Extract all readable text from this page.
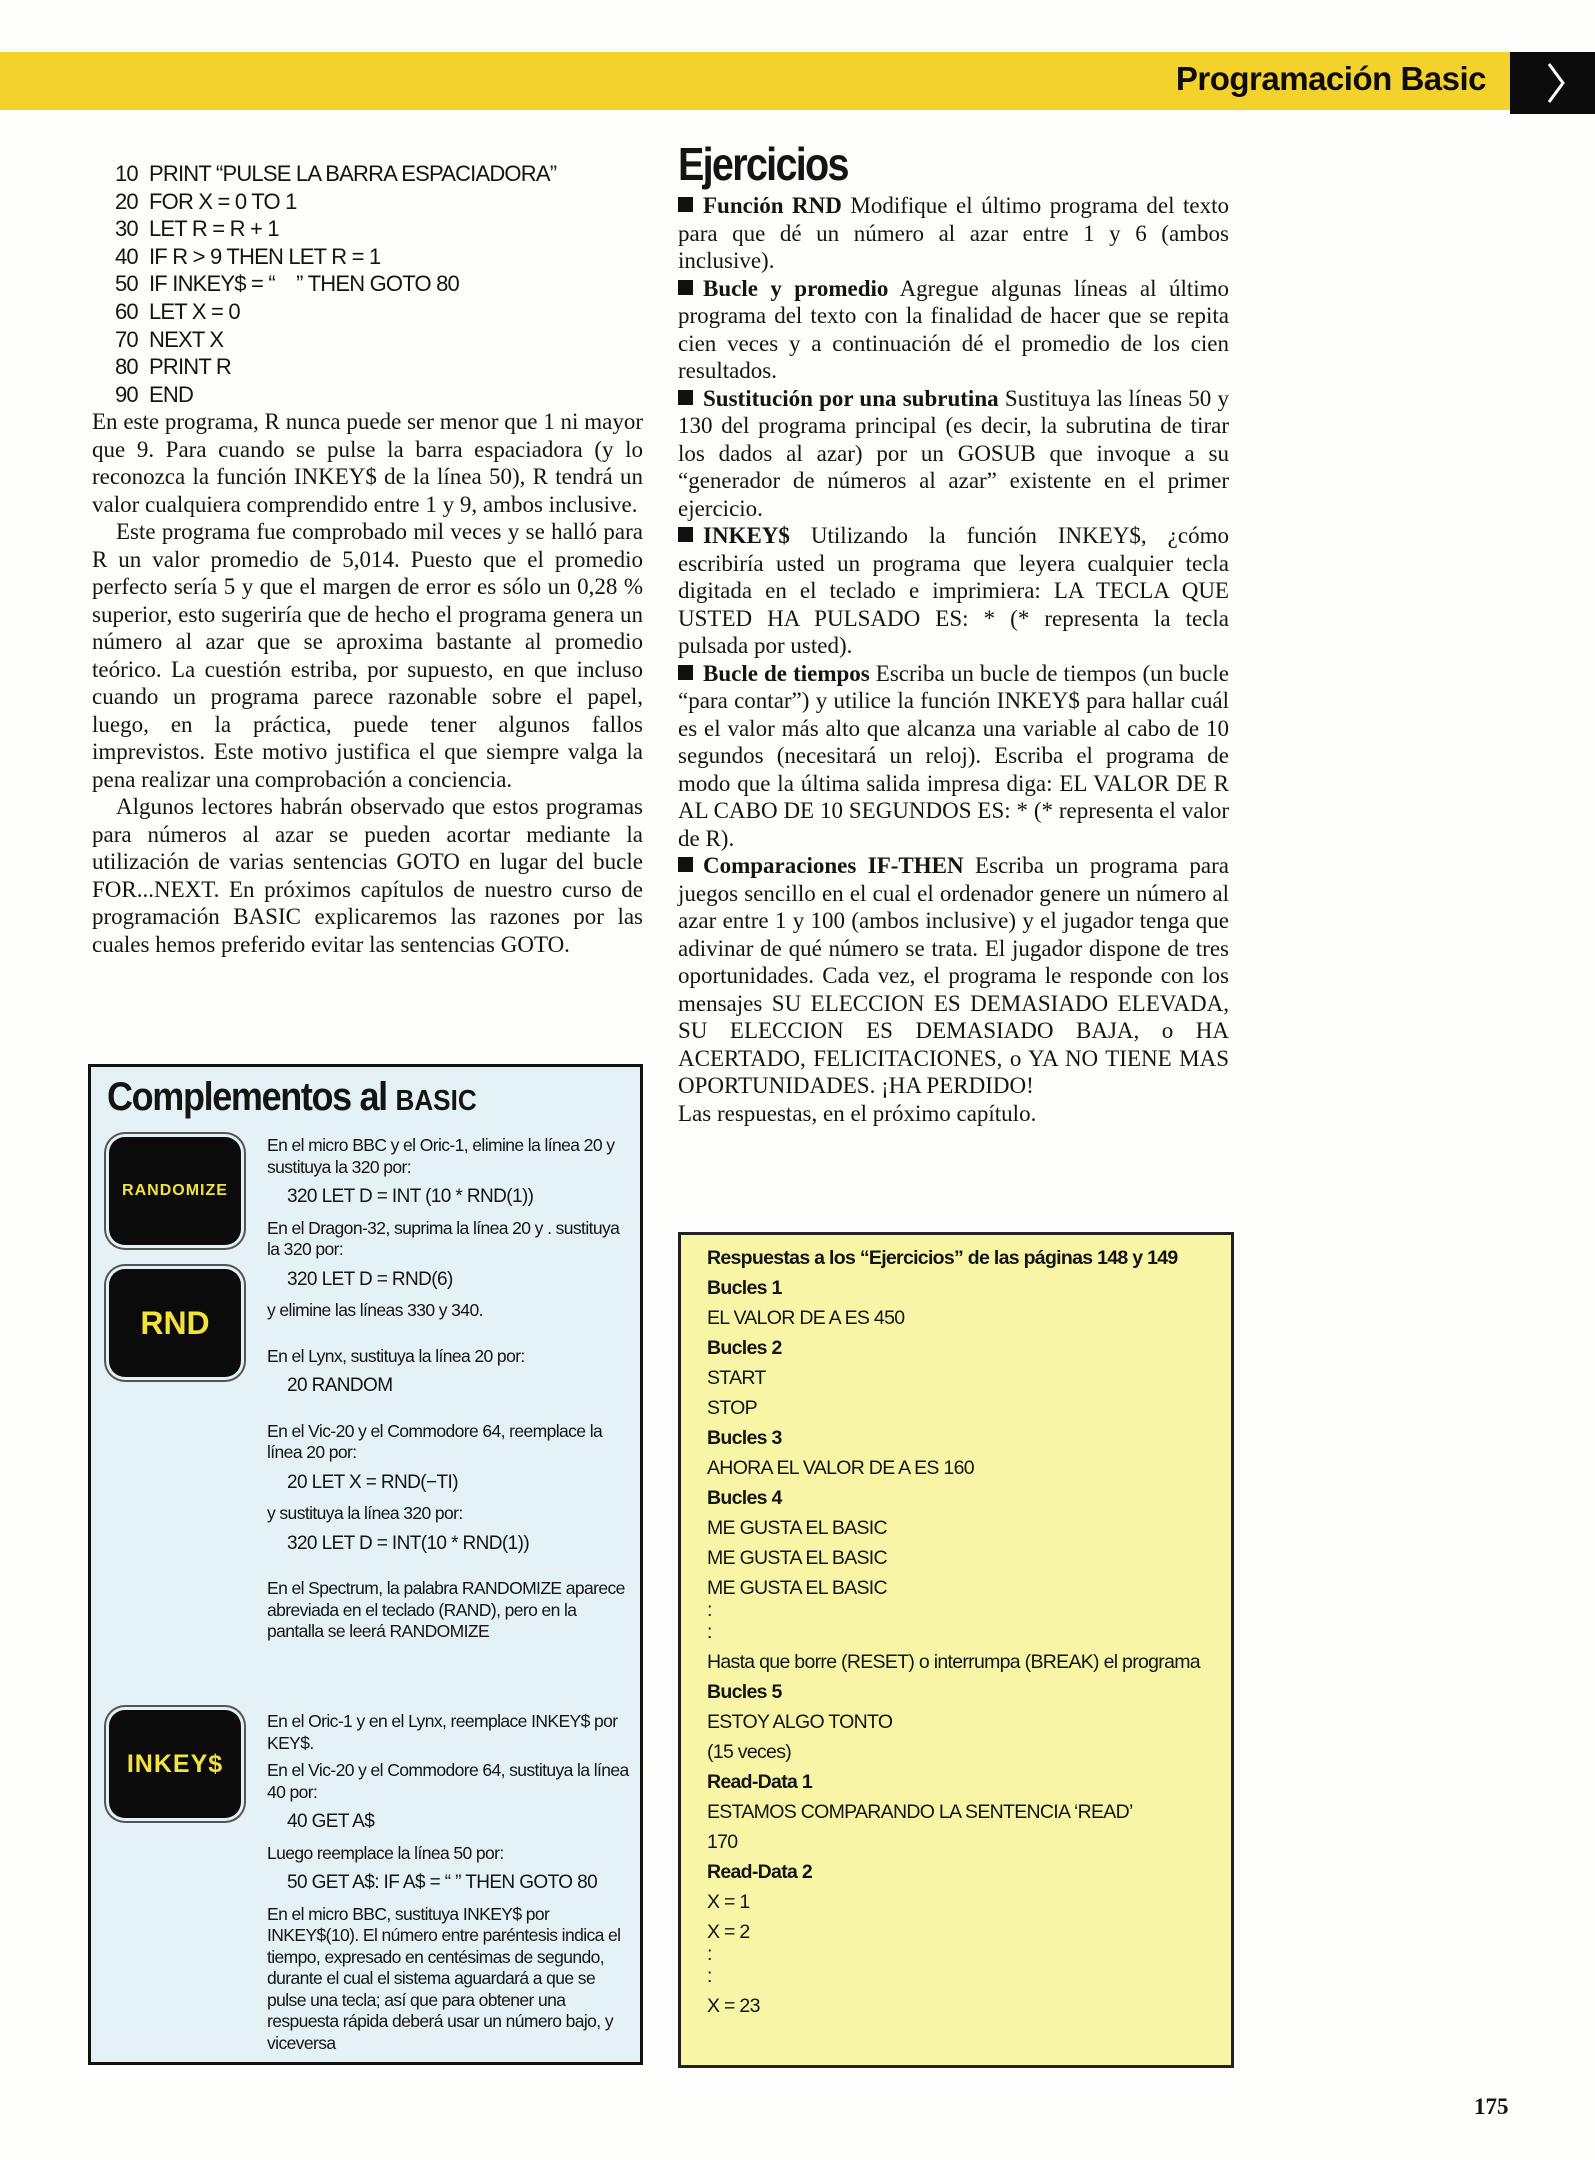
Programación Basic
10 PRINT “PULSE LA BARRA ESPACIADORA”
20 FOR X = 0 TO 1
30 LET R = R + 1
40 IF R > 9 THEN LET R = 1
50 IF INKEY$ = “    ” THEN GOTO 80
60 LET X = 0
70 NEXT X
80 PRINT R
90 END

En este programa, R nunca puede ser menor que 1 ni mayor que 9. Para cuando se pulse la barra espaciadora (y lo reconozca la función INKEY$ de la línea 50), R tendrá un valor cualquiera comprendido entre 1 y 9, ambos inclusive.

Este programa fue comprobado mil veces y se halló para R un valor promedio de 5,014. Puesto que el promedio perfecto sería 5 y que el margen de error es sólo un 0,28 % superior, esto sugeriría que de hecho el programa genera un número al azar que se aproxima bastante al promedio teórico. La cuestión estriba, por supuesto, en que incluso cuando un programa parece razonable sobre el papel, luego, en la práctica, puede tener algunos fallos imprevistos. Este motivo justifica el que siempre valga la pena realizar una comprobación a conciencia.

Algunos lectores habrán observado que estos programas para números al azar se pueden acortar mediante la utilización de varias sentencias GOTO en lugar del bucle FOR...NEXT. En próximos capítulos de nuestro curso de programación BASIC explicaremos las razones por las cuales hemos preferido evitar las sentencias GOTO.

Complementos al BASIC
RANDOMIZE
RND
INKEY$
En el micro BBC y el Oric-1, elimine la línea 20 y sustituya la 320 por:
320 LET D = INT (10 * RND(1))
En el Dragon-32, suprima la línea 20 y . sustituya la 320 por:
320 LET D = RND(6)
y elimine las líneas 330 y 340.
En el Lynx, sustituya la línea 20 por:
20 RANDOM
En el Vic-20 y el Commodore 64, reemplace la línea 20 por:
20 LET X = RND(−TI)
y sustituya la línea 320 por:
320 LET D = INT(10 * RND(1))
En el Spectrum, la palabra RANDOMIZE aparece abreviada en el teclado (RAND), pero en la pantalla se leerá RANDOMIZE
En el Oric-1 y en el Lynx, reemplace INKEY$ por KEY$.
En el Vic-20 y el Commodore 64, sustituya la línea 40 por:
40 GET A$
Luego reemplace la línea 50 por:
50 GET A$: IF A$ = “ ” THEN GOTO 80
En el micro BBC, sustituya INKEY$ por INKEY$(10). El número entre paréntesis indica el tiempo, expresado en centésimas de segundo, durante el cual el sistema aguardará a que se pulse una tecla; así que para obtener una respuesta rápida deberá usar un número bajo, y viceversa
Ejercicios

Función RND Modifique el último programa del texto para que dé un número al azar entre 1 y 6 (ambos inclusive).

Bucle y promedio Agregue algunas líneas al último programa del texto con la finalidad de hacer que se repita cien veces y a continuación dé el promedio de los cien resultados.

Sustitución por una subrutina Sustituya las líneas 50 y 130 del programa principal (es decir, la subrutina de tirar los dados al azar) por un GOSUB que invoque a su “generador de números al azar” existente en el primer ejercicio.

INKEY$ Utilizando la función INKEY$, ¿cómo escribiría usted un programa que leyera cualquier tecla digitada en el teclado e imprimiera: LA TECLA QUE USTED HA PULSADO ES: * (* representa la tecla pulsada por usted).

Bucle de tiempos Escriba un bucle de tiempos (un bucle “para contar”) y utilice la función INKEY$ para hallar cuál es el valor más alto que alcanza una variable al cabo de 10 segundos (necesitará un reloj). Escriba el programa de modo que la última salida impresa diga: EL VALOR DE R AL CABO DE 10 SEGUNDOS ES: * (* representa el valor de R).

Comparaciones IF-THEN Escriba un programa para juegos sencillo en el cual el ordenador genere un número al azar entre 1 y 100 (ambos inclusive) y el jugador tenga que adivinar de qué número se trata. El jugador dispone de tres oportunidades. Cada vez, el programa le responde con los mensajes SU ELECCION ES DEMASIADO ELEVADA, SU ELECCION ES DEMASIADO BAJA, o HA ACERTADO, FELICITACIONES, o YA NO TIENE MAS OPORTUNIDADES. ¡HA PERDIDO!

Las respuestas, en el próximo capítulo.

Respuestas a los “Ejercicios” de las páginas 148 y 149
Bucles 1
EL VALOR DE A ES 450
Bucles 2
START
STOP
Bucles 3
AHORA EL VALOR DE A ES 160
Bucles 4
ME GUSTA EL BASIC
ME GUSTA EL BASIC
ME GUSTA EL BASIC
:
:
Hasta que borre (RESET) o interrumpa (BREAK) el programa
Bucles 5
ESTOY ALGO TONTO
(15 veces)
Read-Data 1
ESTAMOS COMPARANDO LA SENTENCIA ‘READ’
170
Read-Data 2
X = 1
X = 2
:
:
X = 23
175
